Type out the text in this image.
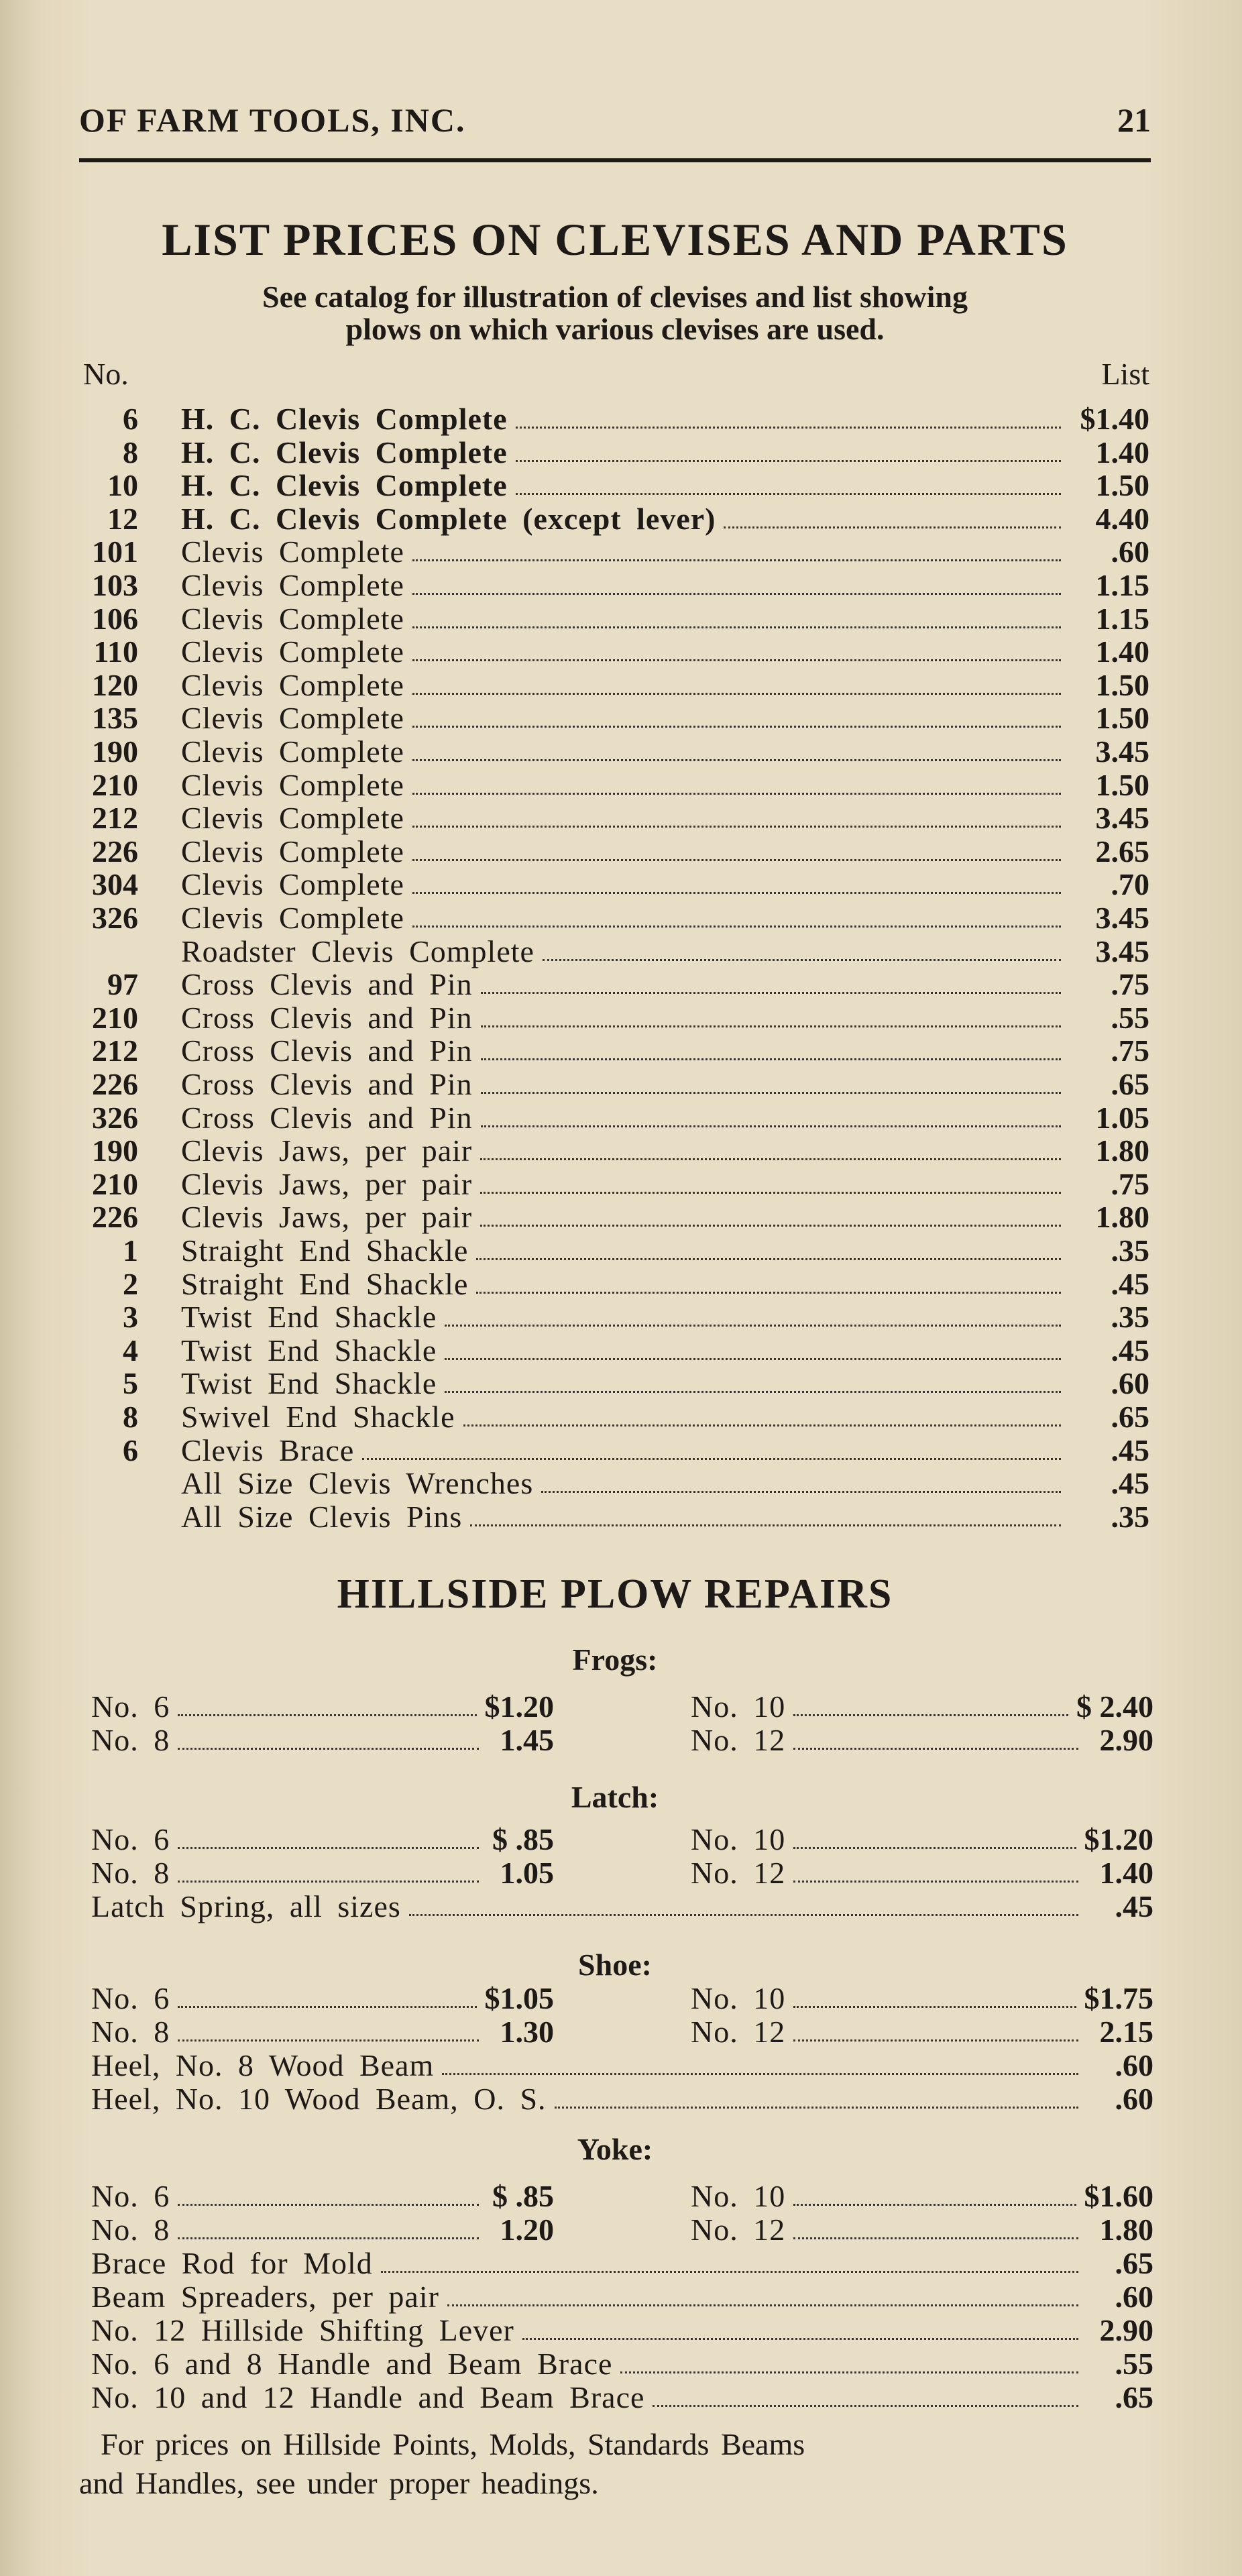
OF FARM TOOLS, INC.	21
LIST PRICES ON CLEVISES AND PARTS
See catalog for illustration of clevises and list showing
plows on which various clevises are used.
No.	List
6 H. C. Clevis Complete	$1.40
8 H. C. Clevis Complete	1.40
10 H. C. Clevis Complete	1.50
12 H. C. Clevis Complete (except lever)	4.40
101 Clevis Complete	.60
103 Clevis Complete	1.15
106 Clevis Complete	1.15
110 Clevis Complete	1.40
120 Clevis Complete	1.50
135 Clevis Complete	1.50
190 Clevis Complete	3.45
210 Clevis Complete	1.50
212 Clevis Complete	3.45
226 Clevis Complete	2.65
304 Clevis Complete	.70
326 Clevis Complete	3.45
Roadster Clevis Complete	3.45
97 Cross Clevis and Pin	.75
210 Cross Clevis and Pin	.55
212 Cross Clevis and Pin	.75
226 Cross Clevis and Pin	.65
326 Cross Clevis and Pin	1.05
190 Clevis Jaws, per pair	1.80
210 Clevis Jaws, per pair	.75
226 Clevis Jaws, per pair	1.80
1 Straight End Shackle	.35
2 Straight End Shackle	.45
3 Twist End Shackle	.35
4 Twist End Shackle	.45
5 Twist End Shackle	.60
8 Swivel End Shackle	.65
6 Clevis Brace	.45
All Size Clevis Wrenches	.45
All Size Clevis Pins	.35
HILLSIDE PLOW REPAIRS
Frogs:
No. 6	$1.20
No. 8	1.45
No. 10	$ 2.40
No. 12	2.90
Latch:
No. 6	$ .85
No. 8	1.05
No. 10	$1.20
No. 12	1.40
Latch Spring, all sizes	.45
Shoe:
No. 6	$1.05
No. 8	1.30
No. 10	$1.75
No. 12	2.15
Heel, No. 8 Wood Beam	.60
Heel, No. 10 Wood Beam, O. S.	.60
Yoke:
No. 6	$ .85
No. 8	1.20
No. 10	$1.60
No. 12	1.80
Brace Rod for Mold	.65
Beam Spreaders, per pair	.60
No. 12 Hillside Shifting Lever	2.90
No. 6 and 8 Handle and Beam Brace	.55
No. 10 and 12 Handle and Beam Brace	.65
For prices on Hillside Points, Molds, Standards Beams
and Handles, see under proper headings.
